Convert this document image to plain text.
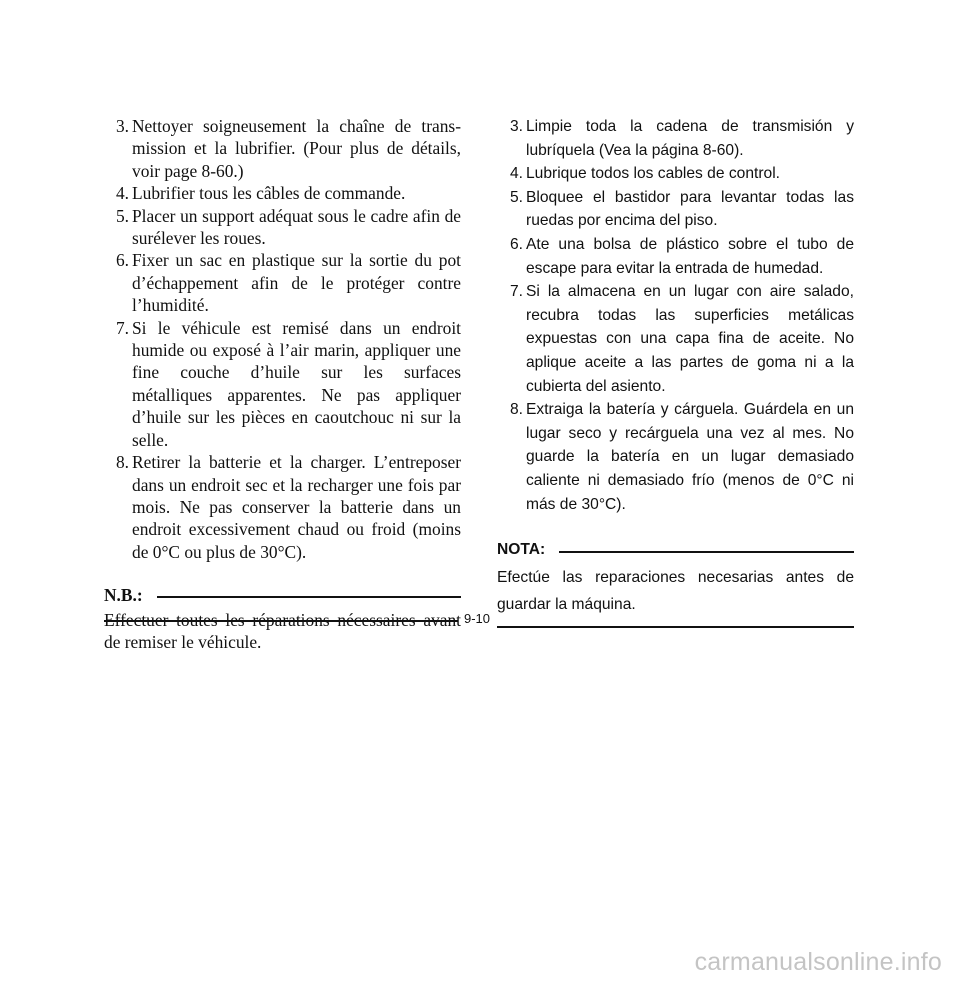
3. Nettoyer soigneusement la chaîne de trans-mission et la lubrifier. (Pour plus de détails, voir page 8-60.)
4. Lubrifier tous les câbles de commande.
5. Placer un support adéquat sous le cadre afin de surélever les roues.
6. Fixer un sac en plastique sur la sortie du pot d’échappement afin de le protéger contre l’humidité.
7. Si le véhicule est remisé dans un endroit humide ou exposé à l’air marin, appliquer une fine couche d’huile sur les surfaces métalliques apparentes. Ne pas appliquer d’huile sur les pièces en caoutchouc ni sur la selle.
8. Retirer la batterie et la charger. L’entreposer dans un endroit sec et la recharger une fois par mois. Ne pas conserver la batterie dans un endroit excessivement chaud ou froid (moins de 0°C ou plus de 30°C).
N.B.:
Effectuer toutes les réparations nécessaires avant de remiser le véhicule.
3. Limpie toda la cadena de transmisión y lubríquela (Vea la página 8-60).
4. Lubrique todos los cables de control.
5. Bloquee el bastidor para levantar todas las ruedas por encima del piso.
6. Ate una bolsa de plástico sobre el tubo de escape para evitar la entrada de humedad.
7. Si la almacena en un lugar con aire salado, recubra todas las superficies metálicas expuestas con una capa fina de aceite. No aplique aceite a las partes de goma ni a la cubierta del asiento.
8. Extraiga la batería y cárguela. Guárdela en un lugar seco y recárguela una vez al mes. No guarde la batería en un lugar demasiado caliente ni demasiado frío (menos de 0°C ni más de 30°C).
NOTA:
Efectúe las reparaciones necesarias antes de guardar la máquina.
9-10
carmanualsonline.info
